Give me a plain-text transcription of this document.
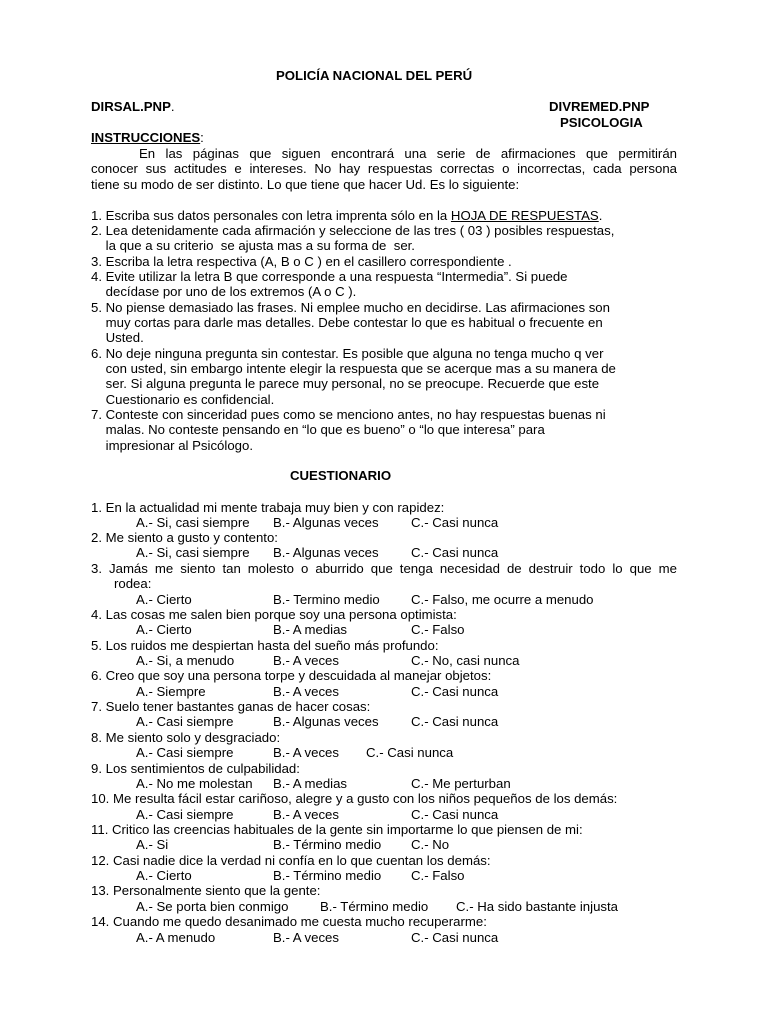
POLICÍA NACIONAL DEL PERÚ
DIRSAL.PNP.	DIVREMED.PNP
PSICOLOGIA
INSTRUCCIONES:
En las páginas que siguen encontrará una serie de afirmaciones que permitirán
conocer sus actitudes e intereses. No hay respuestas correctas o incorrectas, cada persona
tiene su modo de ser distinto. Lo que tiene que hacer Ud. Es lo siguiente:
1. Escriba sus datos personales con letra imprenta sólo en la HOJA DE RESPUESTAS.
2. Lea detenidamente cada afirmación y seleccione de las tres ( 03 ) posibles respuestas,
la que a su criterio  se ajusta mas a su forma de  ser.
3. Escriba la letra respectiva (A, B o C ) en el casillero correspondiente .
4. Evite utilizar la letra B que corresponde a una respuesta “Intermedia”. Si puede
decídase por uno de los extremos (A o C ).
5. No piense demasiado las frases. Ni emplee mucho en decidirse. Las afirmaciones son
muy cortas para darle mas detalles. Debe contestar lo que es habitual o frecuente en
Usted.
6. No deje ninguna pregunta sin contestar. Es posible que alguna no tenga mucho q ver
con usted, sin embargo intente elegir la respuesta que se acerque mas a su manera de
ser. Si alguna pregunta le parece muy personal, no se preocupe. Recuerde que este
Cuestionario es confidencial.
7. Conteste con sinceridad pues como se menciono antes, no hay respuestas buenas ni
malas. No conteste pensando en “lo que es bueno” o “lo que interesa” para
impresionar al Psicólogo.
CUESTIONARIO
1. En la actualidad mi mente trabaja muy bien y con rapidez:
A.- Si, casi siempre B.- Algunas veces C.- Casi nunca
2. Me siento a gusto y contento:
A.- Si, casi siempre B.- Algunas veces C.- Casi nunca
3. Jamás me siento tan molesto o aburrido que tenga necesidad de destruir todo lo que me
rodea:
A.- Cierto	B.- Termino medio C.- Falso, me ocurre a menudo
4. Las cosas me salen bien porque soy una persona optimista:
A.- Cierto	B.- A medias	C.- Falso
5. Los ruidos me despiertan hasta del sueño más profundo:
A.- Si, a menudo	B.- A veces	C.- No, casi nunca
6. Creo que soy una persona torpe y descuidada al manejar objetos:
A.- Siempre	B.- A veces	C.- Casi nunca
7. Suelo tener bastantes ganas de hacer cosas:
A.- Casi siempre	B.- Algunas veces C.- Casi nunca
8. Me siento solo y desgraciado:
A.- Casi siempre	B.- A veces C.- Casi nunca
9. Los sentimientos de culpabilidad:
A.- No me molestan B.- A medias	C.- Me perturban
10. Me resulta fácil estar cariñoso, alegre y a gusto con los niños pequeños de los demás:
A.- Casi siempre	B.- A veces	C.- Casi nunca
11. Critico las creencias habituales de la gente sin importarme lo que piensen de mi:
A.- Si	B.- Término medio C.- No
12. Casi nadie dice la verdad ni confía en lo que cuentan los demás:
A.- Cierto	B.- Término medio C.- Falso
13. Personalmente siento que la gente:
A.- Se porta bien conmigo B.- Término medio C.- Ha sido bastante injusta
14. Cuando me quedo desanimado me cuesta mucho recuperarme:
A.- A menudo	B.- A veces	C.- Casi nunca
